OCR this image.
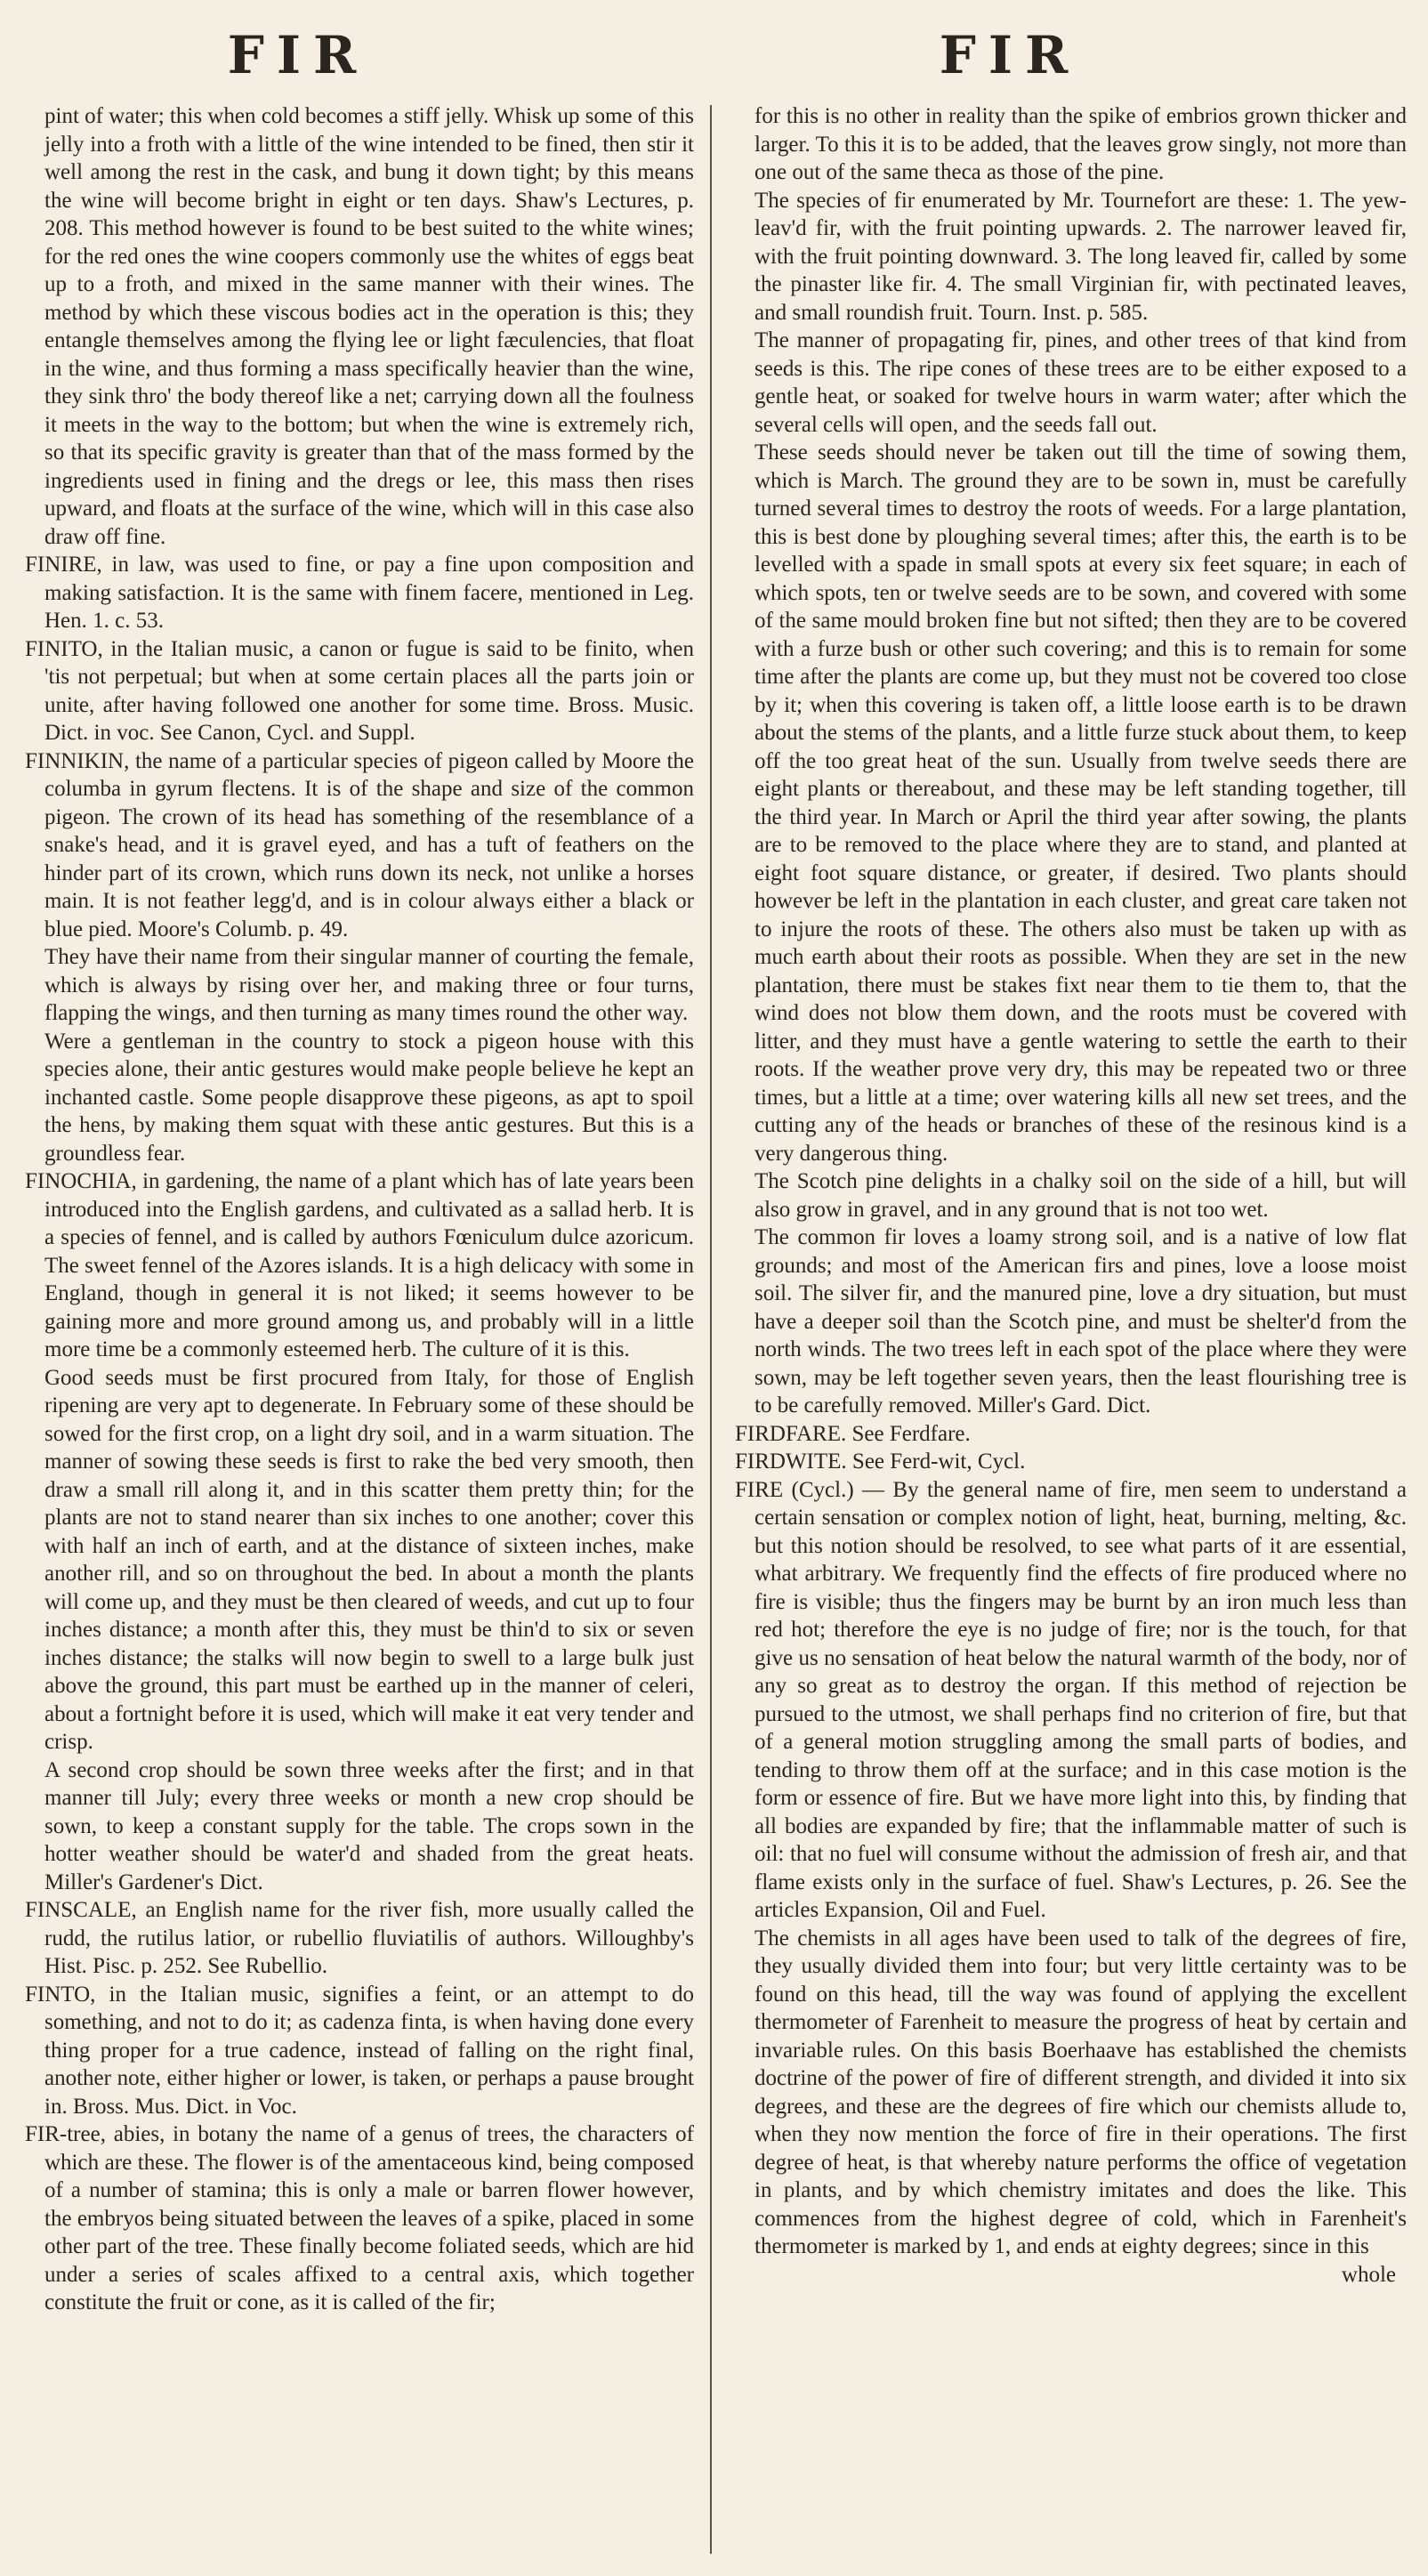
FIR	FIR

pint of water; this when cold becomes a stiff jelly. Whisk up some of this jelly into a froth with a little of the wine intended to be fined, then stir it well among the rest in the cask, and bung it down tight; by this means the wine will become bright in eight or ten days. Shaw's Lectures, p. 208. This method however is found to be best suited to the white wines; for the red ones the wine coopers commonly use the whites of eggs beat up to a froth, and mixed in the same manner with their wines. The method by which these viscous bodies act in the operation is this; they entangle themselves among the flying lee or light fæculencies, that float in the wine, and thus forming a mass specifically heavier than the wine, they sink thro' the body thereof like a net; carrying down all the foulness it meets in the way to the bottom; but when the wine is extremely rich, so that its specific gravity is greater than that of the mass formed by the ingredients used in fining and the dregs or lee, this mass then rises upward, and floats at the surface of the wine, which will in this case also draw off fine.

FINIRE, in law, was used to fine, or pay a fine upon composition and making satisfaction. It is the same with finem facere, mentioned in Leg. Hen. 1. c. 53.

FINITO, in the Italian music, a canon or fugue is said to be finito, when 'tis not perpetual; but when at some certain places all the parts join or unite, after having followed one another for some time. Bross. Music. Dict. in voc. See Canon, Cycl. and Suppl.

FINNIKIN, the name of a particular species of pigeon called by Moore the columba in gyrum flectens. It is of the shape and size of the common pigeon. The crown of its head has something of the resemblance of a snake's head, and it is gravel eyed, and has a tuft of feathers on the hinder part of its crown, which runs down its neck, not unlike a horses main. It is not feather legg'd, and is in colour always either a black or blue pied. Moore's Columb. p. 49.

They have their name from their singular manner of courting the female, which is always by rising over her, and making three or four turns, flapping the wings, and then turning as many times round the other way.

Were a gentleman in the country to stock a pigeon house with this species alone, their antic gestures would make people believe he kept an inchanted castle. Some people disapprove these pigeons, as apt to spoil the hens, by making them squat with these antic gestures. But this is a groundless fear.

FINOCHIA, in gardening, the name of a plant which has of late years been introduced into the English gardens, and cultivated as a sallad herb. It is a species of fennel, and is called by authors Fœniculum dulce azoricum. The sweet fennel of the Azores islands. It is a high delicacy with some in England, though in general it is not liked; it seems however to be gaining more and more ground among us, and probably will in a little more time be a commonly esteemed herb. The culture of it is this.

Good seeds must be first procured from Italy, for those of English ripening are very apt to degenerate. In February some of these should be sowed for the first crop, on a light dry soil, and in a warm situation. The manner of sowing these seeds is first to rake the bed very smooth, then draw a small rill along it, and in this scatter them pretty thin; for the plants are not to stand nearer than six inches to one another; cover this with half an inch of earth, and at the distance of sixteen inches, make another rill, and so on throughout the bed. In about a month the plants will come up, and they must be then cleared of weeds, and cut up to four inches distance; a month after this, they must be thin'd to six or seven inches distance; the stalks will now begin to swell to a large bulk just above the ground, this part must be earthed up in the manner of celeri, about a fortnight before it is used, which will make it eat very tender and crisp.

A second crop should be sown three weeks after the first; and in that manner till July; every three weeks or month a new crop should be sown, to keep a constant supply for the table. The crops sown in the hotter weather should be water'd and shaded from the great heats. Miller's Gardener's Dict.

FINSCALE, an English name for the river fish, more usually called the rudd, the rutilus latior, or rubellio fluviatilis of authors. Willoughby's Hist. Pisc. p. 252. See Rubellio.

FINTO, in the Italian music, signifies a feint, or an attempt to do something, and not to do it; as cadenza finta, is when having done every thing proper for a true cadence, instead of falling on the right final, another note, either higher or lower, is taken, or perhaps a pause brought in. Bross. Mus. Dict. in Voc.

FIR-tree, abies, in botany the name of a genus of trees, the characters of which are these. The flower is of the amentaceous kind, being composed of a number of stamina; this is only a male or barren flower however, the embryos being situated between the leaves of a spike, placed in some other part of the tree. These finally become foliated seeds, which are hid under a series of scales affixed to a central axis, which together constitute the fruit or cone, as it is called of the fir;

for this is no other in reality than the spike of embrios grown thicker and larger. To this it is to be added, that the leaves grow singly, not more than one out of the same theca as those of the pine.

The species of fir enumerated by Mr. Tournefort are these: 1. The yew-leav'd fir, with the fruit pointing upwards. 2. The narrower leaved fir, with the fruit pointing downward. 3. The long leaved fir, called by some the pinaster like fir. 4. The small Virginian fir, with pectinated leaves, and small roundish fruit. Tourn. Inst. p. 585.

The manner of propagating fir, pines, and other trees of that kind from seeds is this. The ripe cones of these trees are to be either exposed to a gentle heat, or soaked for twelve hours in warm water; after which the several cells will open, and the seeds fall out.

These seeds should never be taken out till the time of sowing them, which is March. The ground they are to be sown in, must be carefully turned several times to destroy the roots of weeds. For a large plantation, this is best done by ploughing several times; after this, the earth is to be levelled with a spade in small spots at every six feet square; in each of which spots, ten or twelve seeds are to be sown, and covered with some of the same mould broken fine but not sifted; then they are to be covered with a furze bush or other such covering; and this is to remain for some time after the plants are come up, but they must not be covered too close by it; when this covering is taken off, a little loose earth is to be drawn about the stems of the plants, and a little furze stuck about them, to keep off the too great heat of the sun. Usually from twelve seeds there are eight plants or thereabout, and these may be left standing together, till the third year. In March or April the third year after sowing, the plants are to be removed to the place where they are to stand, and planted at eight foot square distance, or greater, if desired. Two plants should however be left in the plantation in each cluster, and great care taken not to injure the roots of these. The others also must be taken up with as much earth about their roots as possible. When they are set in the new plantation, there must be stakes fixt near them to tie them to, that the wind does not blow them down, and the roots must be covered with litter, and they must have a gentle watering to settle the earth to their roots. If the weather prove very dry, this may be repeated two or three times, but a little at a time; over watering kills all new set trees, and the cutting any of the heads or branches of these of the resinous kind is a very dangerous thing.

The Scotch pine delights in a chalky soil on the side of a hill, but will also grow in gravel, and in any ground that is not too wet.

The common fir loves a loamy strong soil, and is a native of low flat grounds; and most of the American firs and pines, love a loose moist soil. The silver fir, and the manured pine, love a dry situation, but must have a deeper soil than the Scotch pine, and must be shelter'd from the north winds. The two trees left in each spot of the place where they were sown, may be left together seven years, then the least flourishing tree is to be carefully removed. Miller's Gard. Dict.

FIRDFARE. See Ferdfare.

FIRDWITE. See Ferd-wit, Cycl.

FIRE (Cycl.) — By the general name of fire, men seem to understand a certain sensation or complex notion of light, heat, burning, melting, &c. but this notion should be resolved, to see what parts of it are essential, what arbitrary. We frequently find the effects of fire produced where no fire is visible; thus the fingers may be burnt by an iron much less than red hot; therefore the eye is no judge of fire; nor is the touch, for that give us no sensation of heat below the natural warmth of the body, nor of any so great as to destroy the organ. If this method of rejection be pursued to the utmost, we shall perhaps find no criterion of fire, but that of a general motion struggling among the small parts of bodies, and tending to throw them off at the surface; and in this case motion is the form or essence of fire. But we have more light into this, by finding that all bodies are expanded by fire; that the inflammable matter of such is oil: that no fuel will consume without the admission of fresh air, and that flame exists only in the surface of fuel. Shaw's Lectures, p. 26. See the articles Expansion, Oil and Fuel.

The chemists in all ages have been used to talk of the degrees of fire, they usually divided them into four; but very little certainty was to be found on this head, till the way was found of applying the excellent thermometer of Farenheit to measure the progress of heat by certain and invariable rules. On this basis Boerhaave has established the chemists doctrine of the power of fire of different strength, and divided it into six degrees, and these are the degrees of fire which our chemists allude to, when they now mention the force of fire in their operations. The first degree of heat, is that whereby nature performs the office of vegetation in plants, and by which chemistry imitates and does the like. This commences from the highest degree of cold, which in Farenheit's thermometer is marked by 1, and ends at eighty degrees; since in this

whole
